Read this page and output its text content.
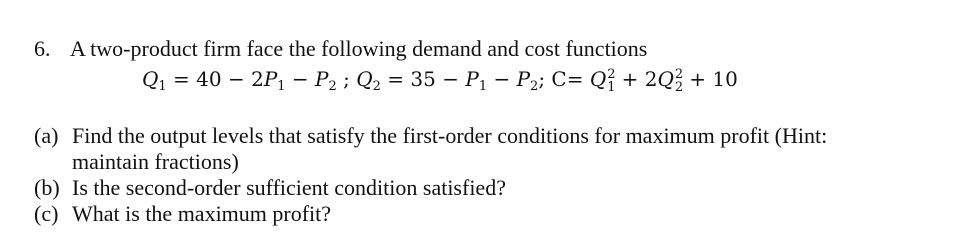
6. A two-product firm face the following demand and cost functions
$Q_1 = 40 - 2P_1 - P_2$ ; $Q_2 = 35 - P_1 - P_2$; C= Q 2
1 + 2Q 2
2 + 10
(a) Find the output levels that satisfy the first-order conditions for maximum profit (Hint:
maintain fractions)
(b) Is the second-order sufficient condition satisfied?
(c) What is the maximum profit?
